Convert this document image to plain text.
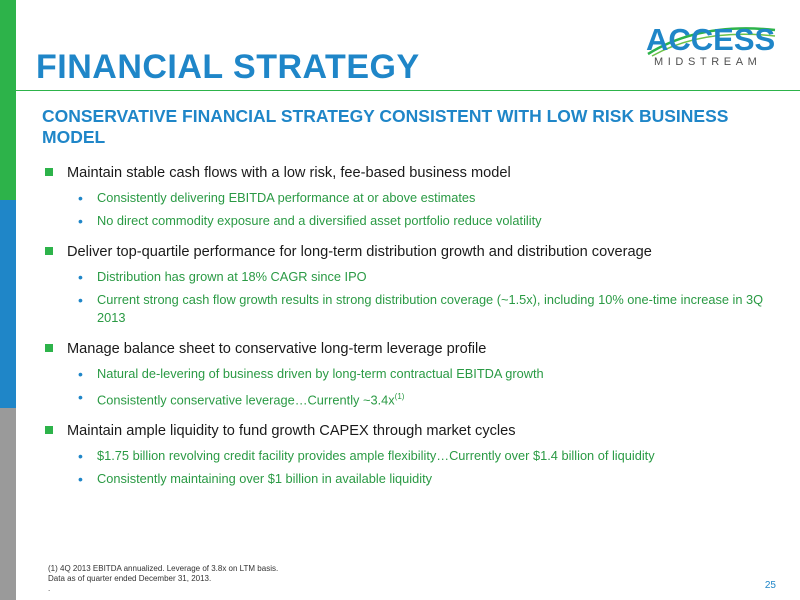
ACCESS
MIDSTREAM
FINANCIAL STRATEGY
CONSERVATIVE FINANCIAL STRATEGY CONSISTENT WITH LOW RISK BUSINESS MODEL
Maintain stable cash flows with a low risk, fee-based business model
• Consistently delivering EBITDA performance at or above estimates
• No direct commodity exposure and a diversified asset portfolio reduce volatility
Deliver top-quartile performance for long-term distribution growth and distribution coverage
• Distribution has grown at 18% CAGR since IPO
• Current strong cash flow growth results in strong distribution coverage (~1.5x), including 10% one-time increase in 3Q 2013
Manage balance sheet to conservative long-term leverage profile
• Natural de-levering of business driven by long-term contractual EBITDA growth
• Consistently conservative leverage…Currently $\sim 3.4x^{(1)}$
Maintain ample liquidity to fund growth CAPEX through market cycles
• $1.75 billion revolving credit facility provides ample flexibility…Currently over $1.4 billion of liquidity
• Consistently maintaining over $1 billion in available liquidity
(1) 4Q 2013 EBITDA annualized. Leverage of 3.8x on LTM basis.
Data as of quarter ended December 31, 2013.
.	25
